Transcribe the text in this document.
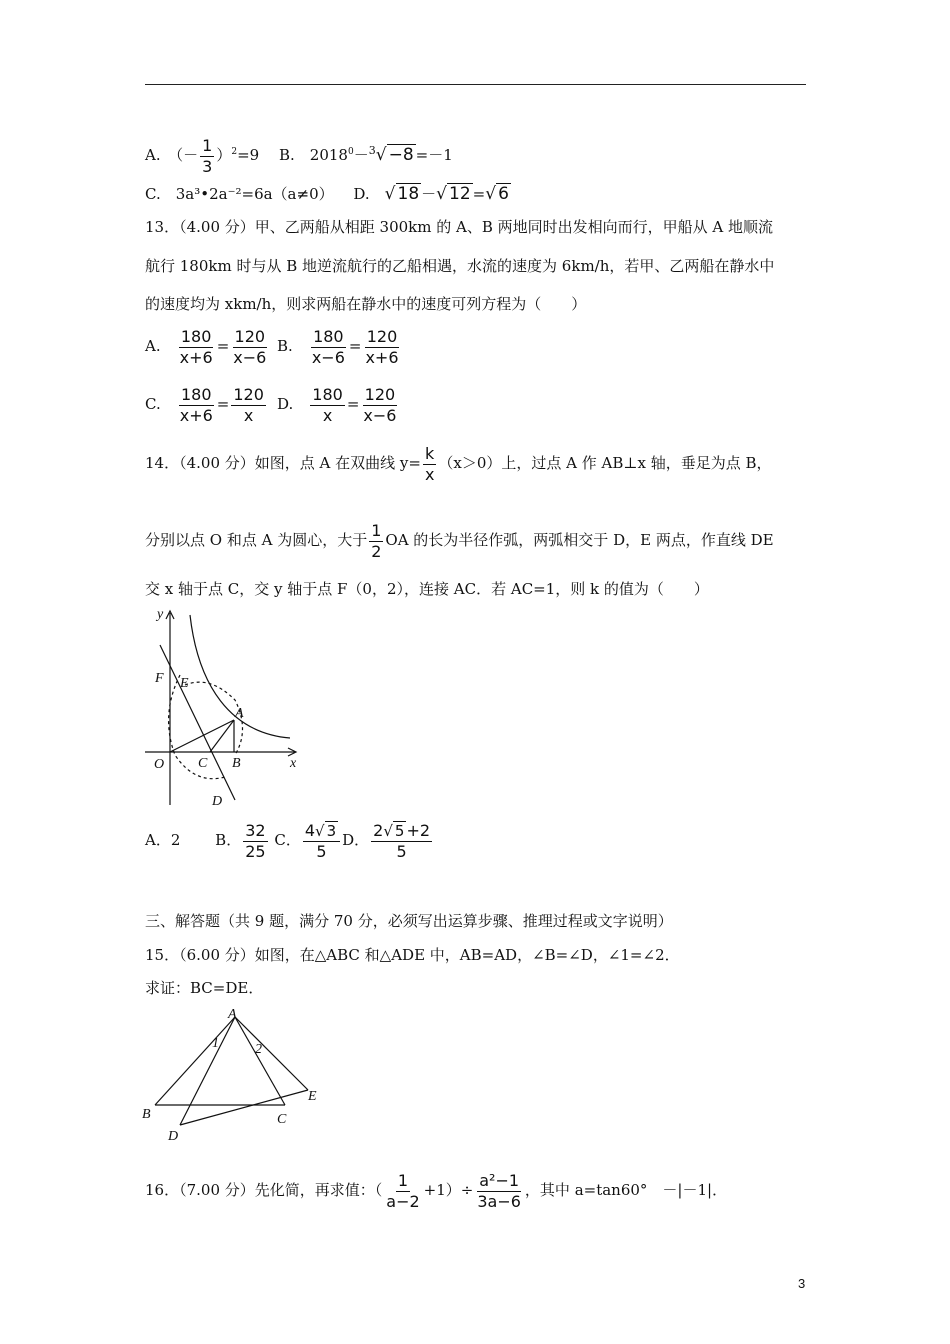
A.　 （－ $\frac{1}{3} )^2=9$ 　 B.　 $2018^0-^3√ -8 =-1$
C.　 3a³•2a⁻²=6a（a≠0） 　 D.　 √ 18 －√ 12 =√ 6
13．（4.00 分）甲、乙两船从相距 300km 的 A、B 两地同时出发相向而行，甲船从 A 地顺流
航行 180km 时与从 B 地逆流航行的乙船相遇，水流的速度为 6km/h，若甲、乙两船在静水中
的速度均为 xkm/h，则求两船在静水中的速度可列方程为（　　）
A.　 $\frac{180}{x+6} = \frac{120}{x-6} B$.　 $\frac{180}{x-6} = \frac{120}{x+6}$
C.　 $\frac{180}{x+6} = \frac{120}{x} D$.　 $\frac{180}{x} = \frac{120}{x-6}$
14．（4.00 分）如图，点 A 在双曲线 $y= \frac{k}{x} (x>0)$上，过点 A 作 AB⊥x 轴，垂足为点 B，
分别以点 O 和点 A 为圆心，大于 $\frac{1}{2}$ OA 的长为半径作弧，两弧相交于 D，E 两点，作直线 DE
交 x 轴于点 C，交 y 轴于点 F（0，2），连接 AC．若 AC=1，则 k 的值为（　　）
y
x
O
F E
A
C B
D
A．2 　　 B． $\frac{32}{25}$ C． $\frac{4√ 3}{5}$ D． $\frac{2√ 5 +2}{5}$
三、解答题（共 9 题，满分 70 分，必须写出运算步骤、推理过程或文字说明）
15．（6.00 分）如图，在△ABC 和△ADE 中，AB=AD，∠B=∠D，∠1=∠2．
求证：BC=DE．
A
B	C
D
E
1	2
16．（7.00 分）先化简，再求值：（ $\frac{1}{a-2} +1)\div \frac{\text{a²−1}}{3a-6}$ ，其中 a=tan60°　－|－1|．
3
